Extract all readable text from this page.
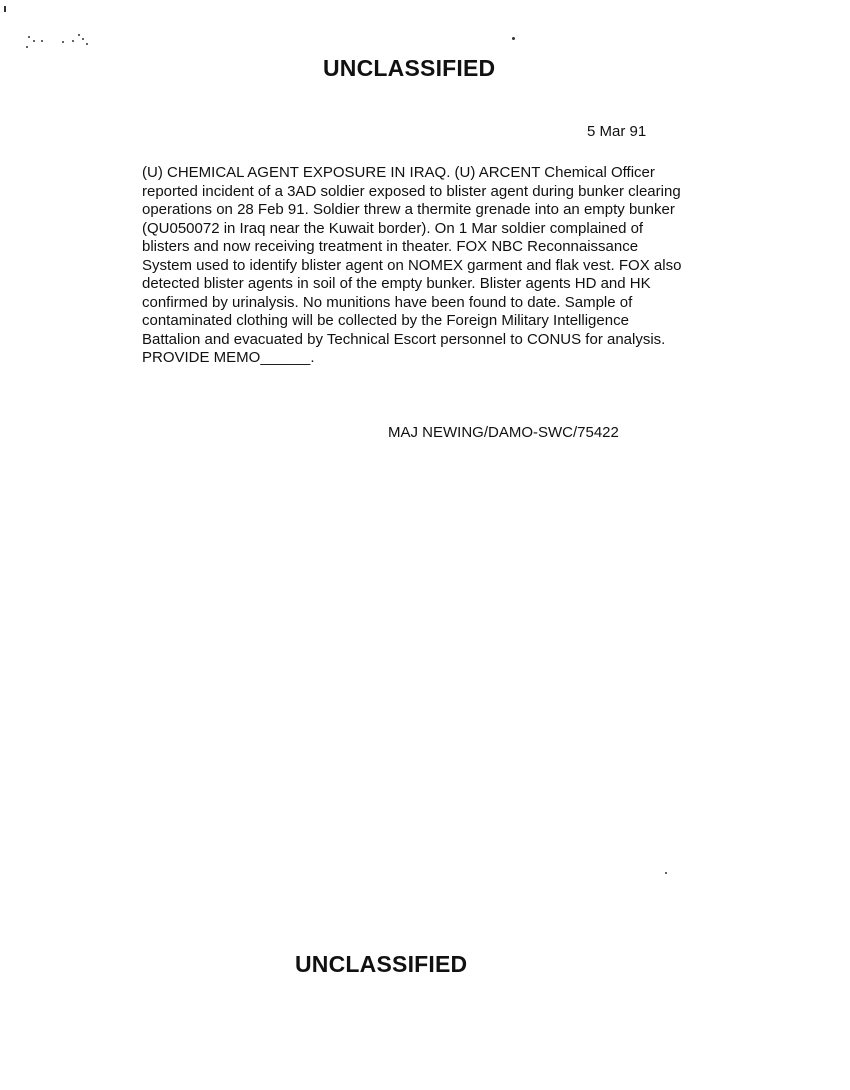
UNCLASSIFIED
5 Mar 91
(U) CHEMICAL AGENT EXPOSURE IN IRAQ. (U) ARCENT Chemical Officer
reported incident of a 3AD soldier exposed to blister agent during bunker clearing
operations on 28 Feb 91. Soldier threw a thermite grenade into an empty bunker
(QU050072 in Iraq near the Kuwait border). On 1 Mar soldier complained of
blisters and now receiving treatment in theater. FOX NBC Reconnaissance
System used to identify blister agent on NOMEX garment and flak vest. FOX also
detected blister agents in soil of the empty bunker. Blister agents HD and HK
confirmed by urinalysis. No munitions have been found to date. Sample of
contaminated clothing will be collected by the Foreign Military Intelligence
Battalion and evacuated by Technical Escort personnel to CONUS for analysis.
PROVIDE MEMO______.
MAJ NEWING/DAMO-SWC/75422
UNCLASSIFIED
